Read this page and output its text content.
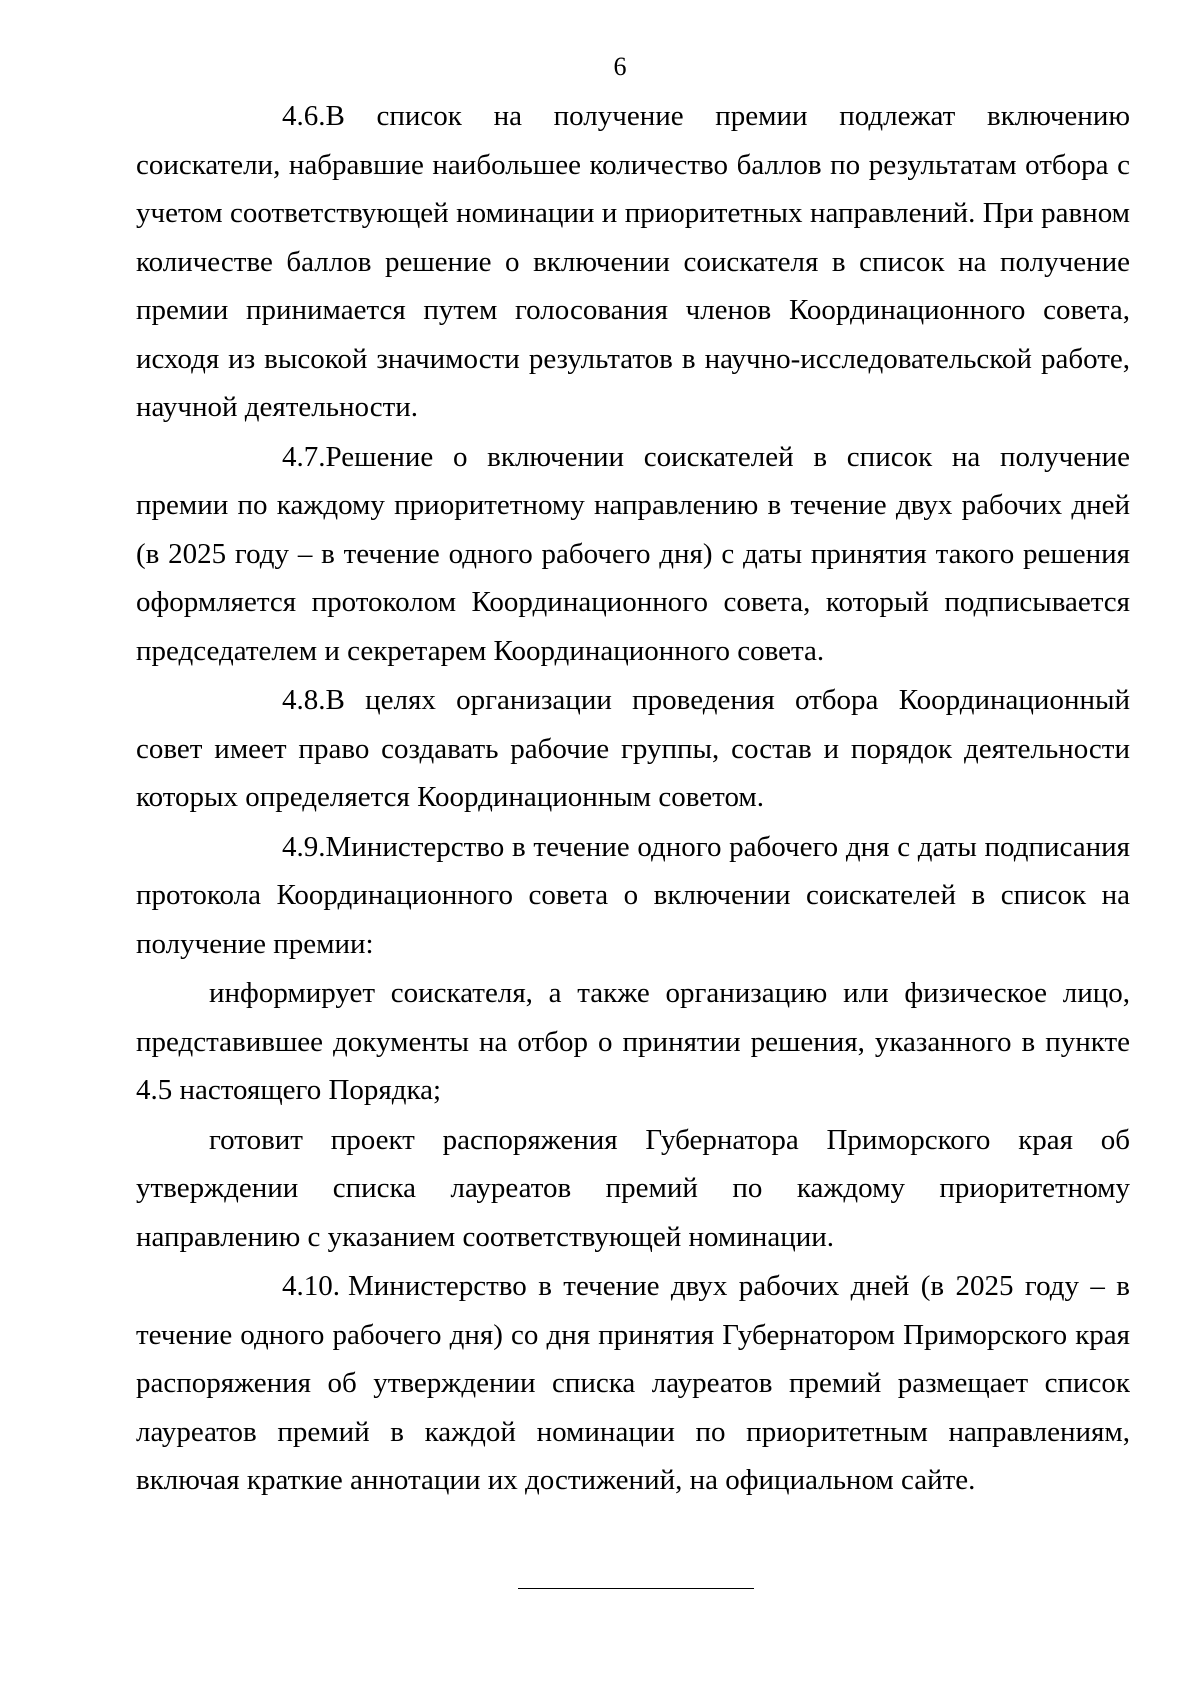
6

4.6.В список на получение премии подлежат включению соискатели, набравшие наибольшее количество баллов по результатам отбора с учетом соответствующей номинации и приоритетных направлений. При равном количестве баллов решение о включении соискателя в список на получение премии принимается путем голосования членов Координационного совета, исходя из высокой значимости результатов в научно-исследовательской работе, научной деятельности.

4.7.Решение о включении соискателей в список на получение премии по каждому приоритетному направлению в течение двух рабочих дней (в 2025 году – в течение одного рабочего дня) с даты принятия такого решения оформляется протоколом Координационного совета, который подписывается председателем и секретарем Координационного совета.

4.8.В целях организации проведения отбора Координационный совет имеет право создавать рабочие группы, состав и порядок деятельности которых определяется Координационным советом.

4.9.Министерство в течение одного рабочего дня с даты подписания протокола Координационного совета о включении соискателей в список на получение премии:

информирует соискателя, а также организацию или физическое лицо, представившее документы на отбор о принятии решения, указанного в пункте 4.5 настоящего Порядка;

готовит проект распоряжения Губернатора Приморского края об утверждении списка лауреатов премий по каждому приоритетному направлению с указанием соответствующей номинации.

4.10. Министерство в течение двух рабочих дней (в 2025 году – в течение одного рабочего дня) со дня принятия Губернатором Приморского края распоряжения об утверждении списка лауреатов премий размещает список лауреатов премий в каждой номинации по приоритетным направлениям, включая краткие аннотации их достижений, на официальном сайте.
